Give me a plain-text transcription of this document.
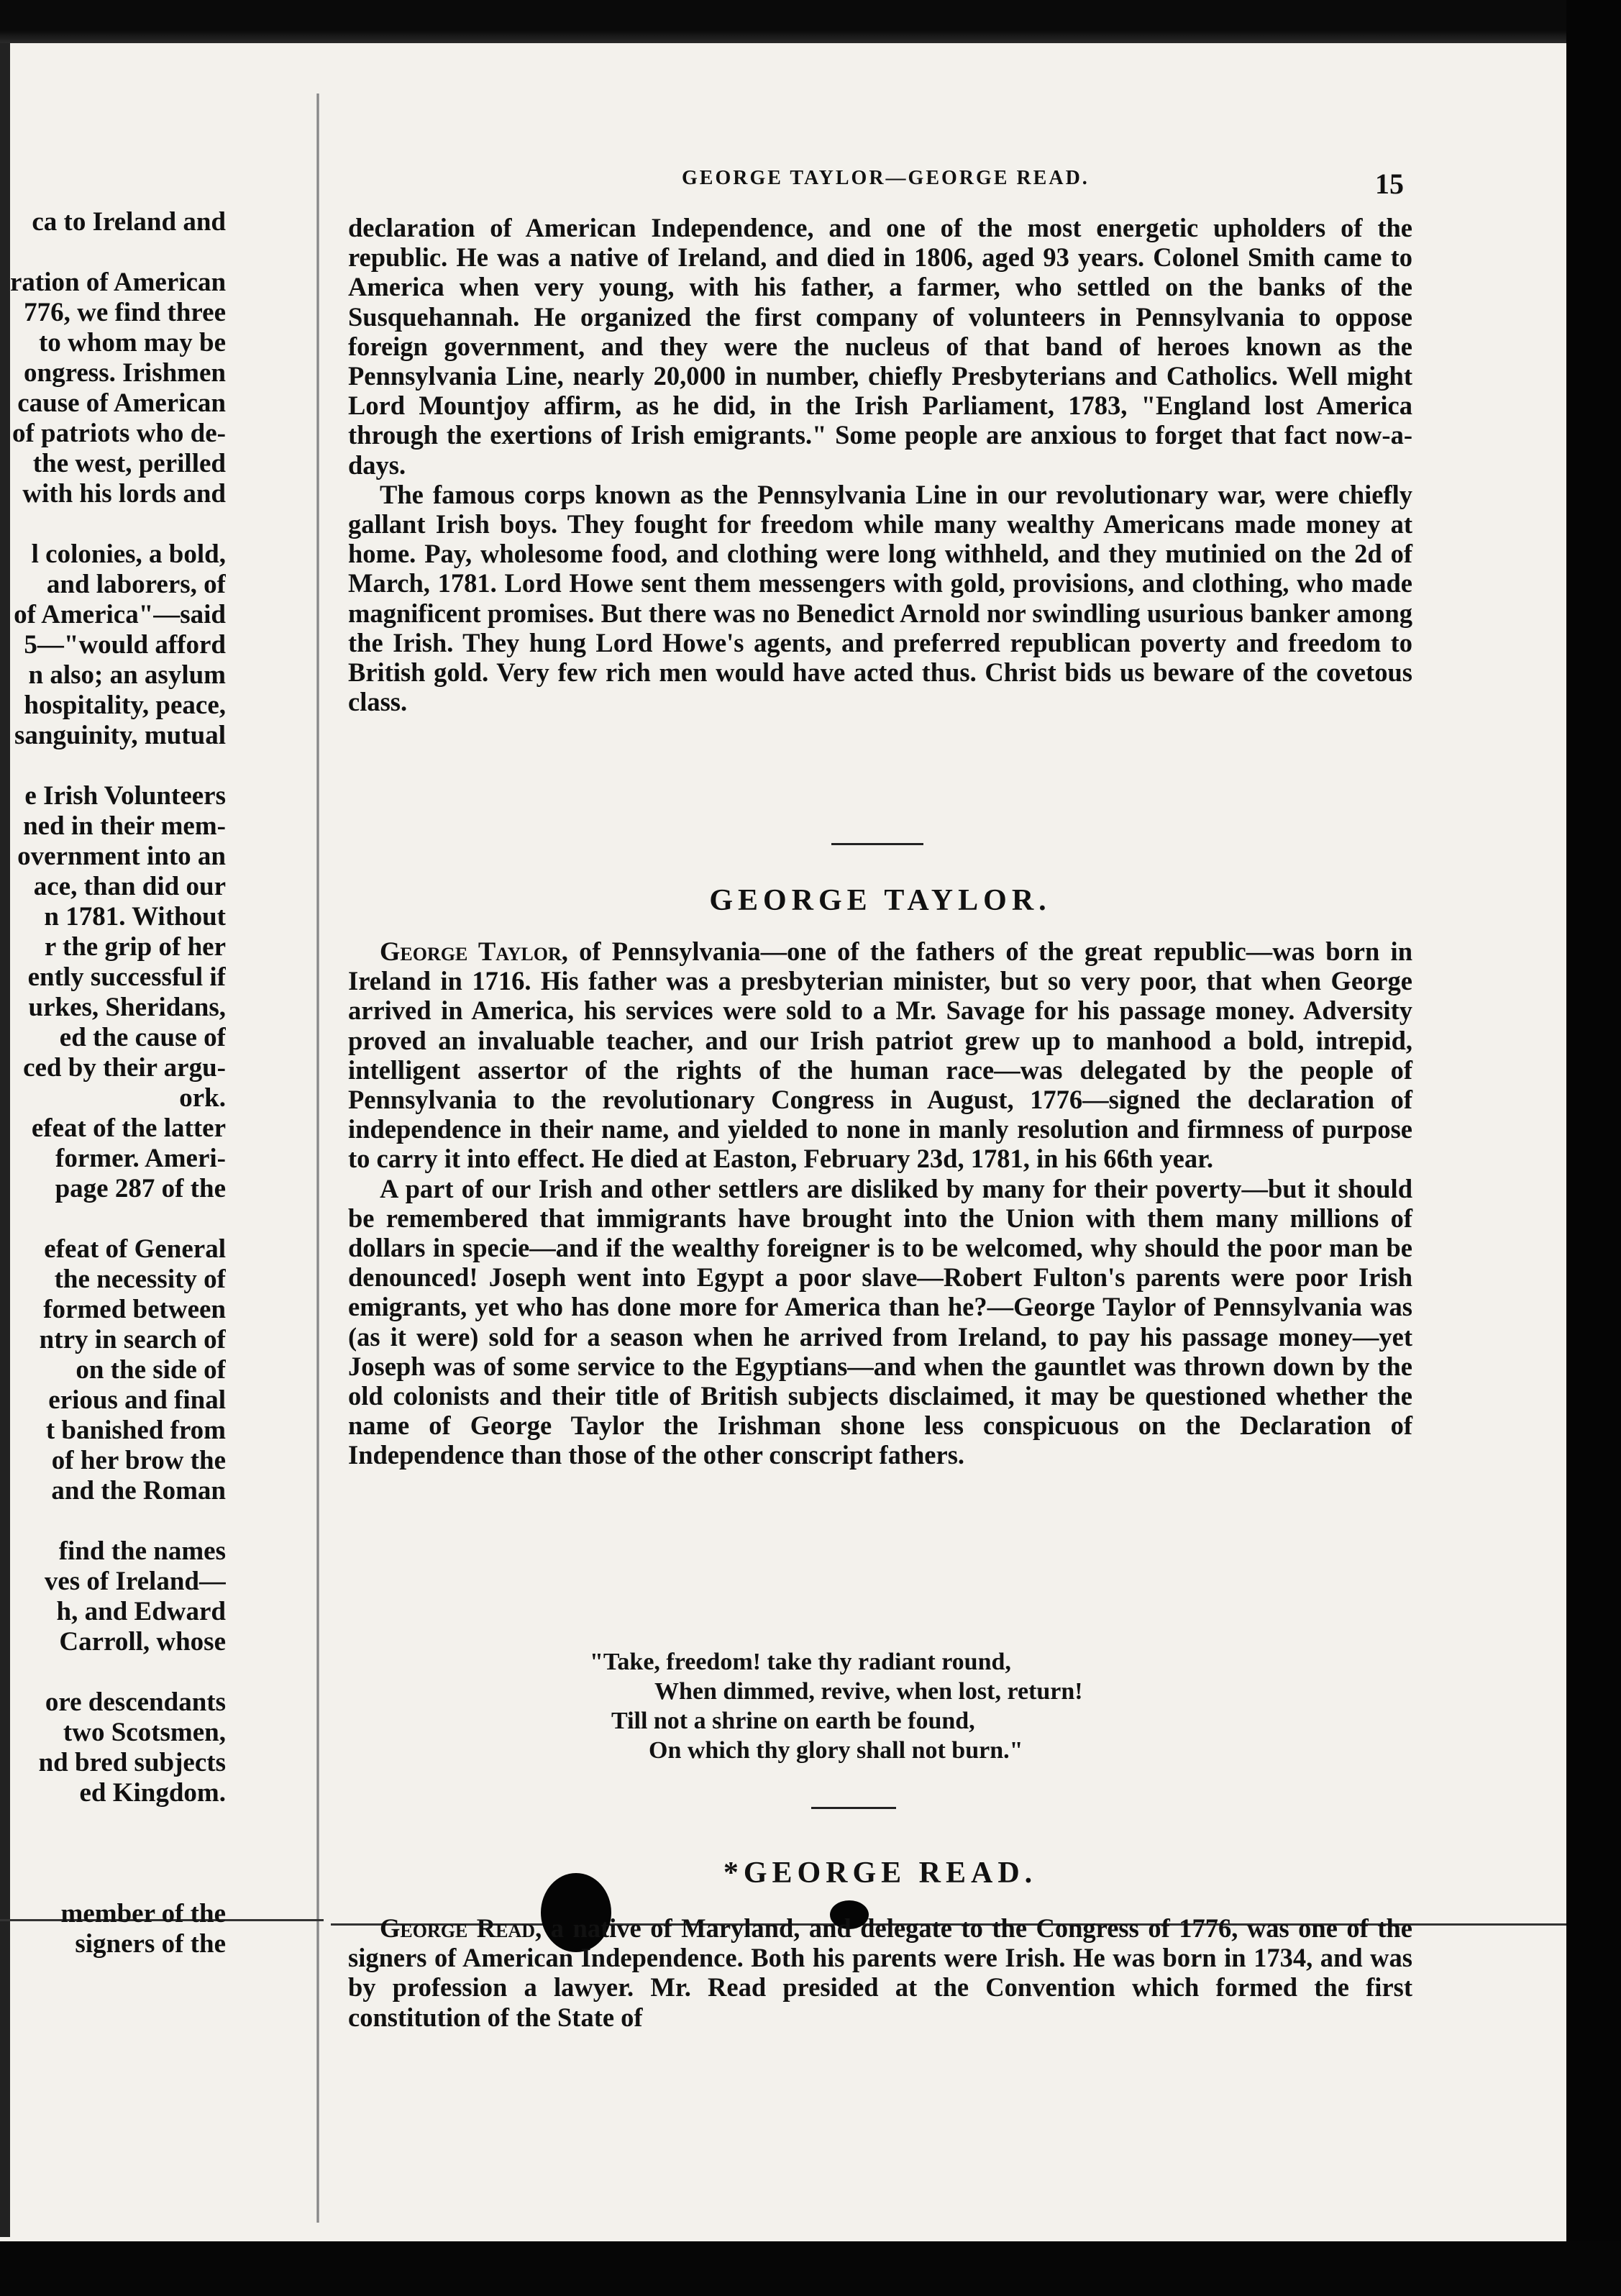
ca to Ireland and
ration of American
776, we find three
to whom may be
ongress. Irishmen
cause of American
of patriots who de-
the west, perilled
with his lords and
l colonies, a bold,
and laborers, of
of America"—said
5—"would afford
n also; an asylum
hospitality, peace,
sanguinity, mutual
e Irish Volunteers
ned in their mem-
overnment into an
ace, than did our
n 1781. Without
r the grip of her
ently successful if
urkes, Sheridans,
ed the cause of
ced by their argu-
ork.
efeat of the latter
former. Ameri-
page 287 of the
efeat of General
the necessity of
formed between
ntry in search of
on the side of
erious and final
t banished from
of her brow the
and the Roman
find the names
ves of Ireland—
h, and Edward
Carroll, whose
ore descendants
two Scotsmen,
nd bred subjects
ed Kingdom.
member of the
signers of the
GEORGE TAYLOR—GEORGE READ.	15

declaration of American Independence, and one of the most energetic upholders of the republic. He was a native of Ireland, and died in 1806, aged 93 years. Colonel Smith came to America when very young, with his father, a farmer, who settled on the banks of the Susquehannah. He organized the first company of volunteers in Pennsylvania to oppose foreign government, and they were the nucleus of that band of heroes known as the Pennsylvania Line, nearly 20,000 in number, chiefly Presbyterians and Catholics. Well might Lord Mountjoy affirm, as he did, in the Irish Parliament, 1783, "England lost America through the exertions of Irish emigrants." Some people are anxious to forget that fact now-a-days.

The famous corps known as the Pennsylvania Line in our revolutionary war, were chiefly gallant Irish boys. They fought for freedom while many wealthy Americans made money at home. Pay, wholesome food, and clothing were long withheld, and they mutinied on the 2d of March, 1781. Lord Howe sent them messengers with gold, provisions, and clothing, who made magnificent promises. But there was no Benedict Arnold nor swindling usurious banker among the Irish. They hung Lord Howe's agents, and preferred republican poverty and freedom to British gold. Very few rich men would have acted thus. Christ bids us beware of the covetous class.

GEORGE TAYLOR.

George Taylor, of Pennsylvania—one of the fathers of the great republic—was born in Ireland in 1716. His father was a presbyterian minister, but so very poor, that when George arrived in America, his services were sold to a Mr. Savage for his passage money. Adversity proved an invaluable teacher, and our Irish patriot grew up to manhood a bold, intrepid, intelligent assertor of the rights of the human race—was delegated by the people of Pennsylvania to the revolutionary Congress in August, 1776—signed the declaration of independence in their name, and yielded to none in manly resolution and firmness of purpose to carry it into effect. He died at Easton, February 23d, 1781, in his 66th year.

A part of our Irish and other settlers are disliked by many for their poverty—but it should be remembered that immigrants have brought into the Union with them many millions of dollars in specie—and if the wealthy foreigner is to be welcomed, why should the poor man be denounced! Joseph went into Egypt a poor slave—Robert Fulton's parents were poor Irish emigrants, yet who has done more for America than he?—George Taylor of Pennsylvania was (as it were) sold for a season when he arrived from Ireland, to pay his passage money—yet Joseph was of some service to the Egyptians—and when the gauntlet was thrown down by the old colonists and their title of British subjects disclaimed, it may be questioned whether the name of George Taylor the Irishman shone less conspicuous on the Declaration of Independence than those of the other conscript fathers.

"Take, freedom! take thy radiant round,
When dimmed, revive, when lost, return!
Till not a shrine on earth be found,
On which thy glory shall not burn."
*GEORGE READ.

George Read, a native of Maryland, and delegate to the Congress of 1776, was one of the signers of American Independence. Both his parents were Irish. He was born in 1734, and was by profession a lawyer. Mr. Read presided at the Convention which formed the first constitution of the State of
